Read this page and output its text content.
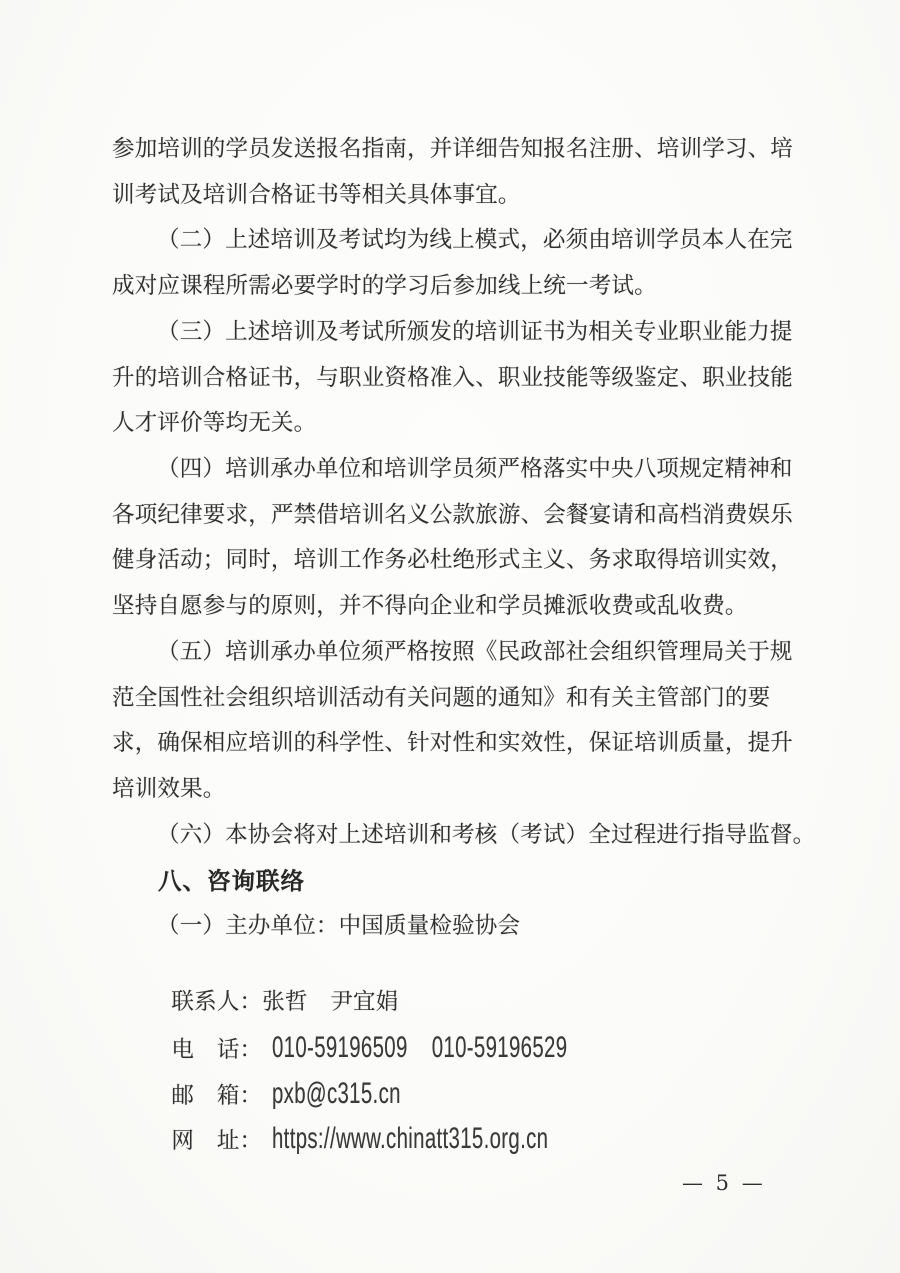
参加培训的学员发送报名指南，并详细告知报名注册、培训学习、培
训考试及培训合格证书等相关具体事宜。
（二）上述培训及考试均为线上模式，必须由培训学员本人在完
成对应课程所需必要学时的学习后参加线上统一考试。
（三）上述培训及考试所颁发的培训证书为相关专业职业能力提
升的培训合格证书，与职业资格准入、职业技能等级鉴定、职业技能
人才评价等均无关。
（四）培训承办单位和培训学员须严格落实中央八项规定精神和
各项纪律要求，严禁借培训名义公款旅游、会餐宴请和高档消费娱乐
健身活动；同时，培训工作务必杜绝形式主义、务求取得培训实效，
坚持自愿参与的原则，并不得向企业和学员摊派收费或乱收费。
（五）培训承办单位须严格按照《民政部社会组织管理局关于规
范全国性社会组织培训活动有关问题的通知》和有关主管部门的要
求，确保相应培训的科学性、针对性和实效性，保证培训质量，提升
培训效果。
（六）本协会将对上述培训和考核（考试）全过程进行指导监督。
八、咨询联络
（一）主办单位：中国质量检验协会

联系人：张哲　尹宜娟

电　话： 010-59196509    010-59196529

邮　箱： pxb@c315.cn

网　址： https://www.chinatt315.org.cn

— 5 —
